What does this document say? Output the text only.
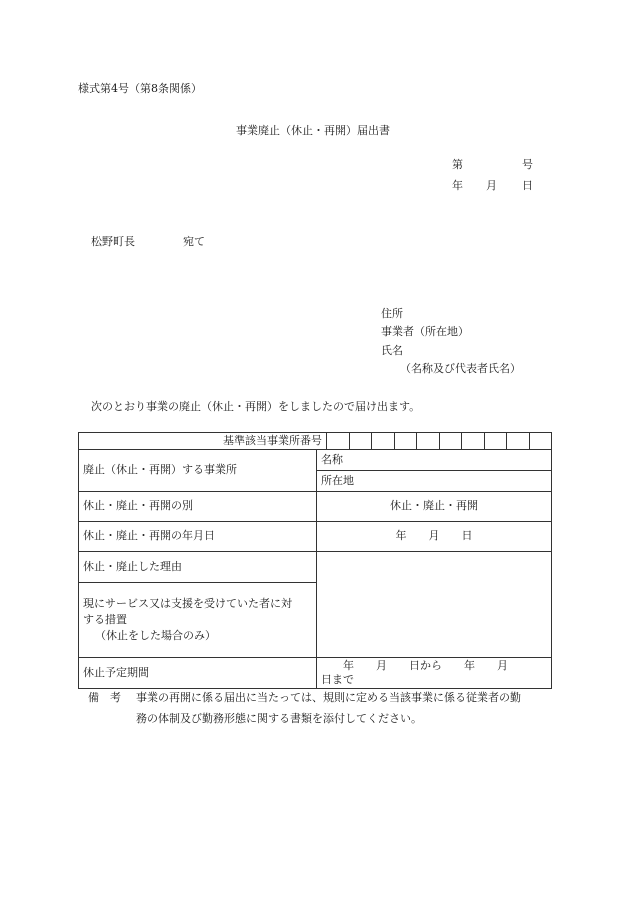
様式第4号（第8条関係）
事業廃止（休止・再開）届出書
第	号
年 月 日
松野町長	宛て
住所
事業者（所在地）
氏名
（名称及び代表者氏名）
次のとおり事業の廃止（休止・再開）をしましたので届け出ます。
基準該当事業所番号											
廃止（休止・再開）する事業所	名称										
	所在地										
休止・廃止・再開の別	休止・廃止・再開										
休止・廃止・再開の年月日	年　　月　　日										
休止・廃止した理由											

現にサービス又は支援を受けていた者に対
する措置
（休止をした場合のみ）											

休止予定期間	年　　月　　日から　　年　　月
日まで										
備　考 事業の再開に係る届出に当たっては、規則に定める当該事業に係る従業者の勤
務の体制及び勤務形態に関する書類を添付してください。
